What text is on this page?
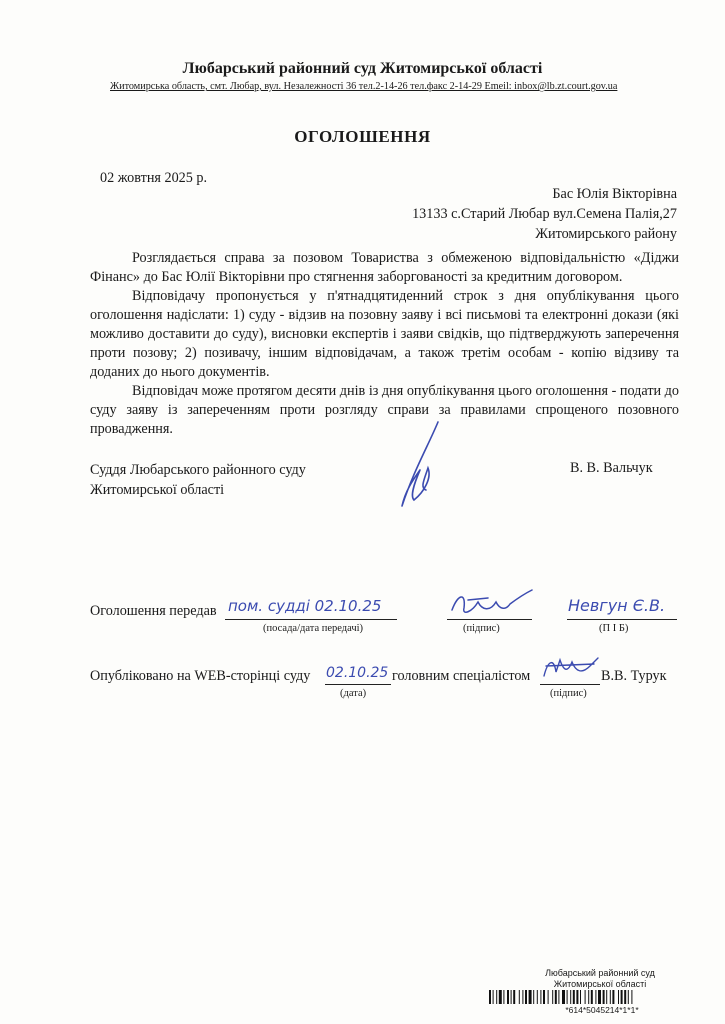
Любарський районний суд Житомирської області
Житомирська область, смт. Любар, вул. Незалежності 36 тел.2-14-26 тел.факс 2-14-29 Emeil: inbox@lb.zt.court.gov.ua
ОГОЛОШЕННЯ
02 жовтня 2025 р.
Бас Юлія Вікторівна
13133 с.Старий Любар вул.Семена Палія,27
Житомирського району

Розглядається справа за позовом Товариства з обмеженою відповідальністю «Діджи Фінанс» до Бас Юлії Вікторівни про стягнення заборгованості за кредитним договором.

Відповідачу пропонується у п'ятнадцятиденний строк з дня опублікування цього оголошення надіслати: 1) суду - відзив на позовну заяву і всі письмові та електронні докази (які можливо доставити до суду), висновки експертів і заяви свідків, що підтверджують заперечення проти позову; 2) позивачу, іншим відповідачам, а також третім особам - копію відзиву та доданих до нього документів.

Відповідач може протягом десяти днів із дня опублікування цього оголошення - подати до суду заяву із запереченням проти розгляду справи за правилами спрощеного позовного провадження.

Суддя Любарського районного суду
Житомирської області
В. В. Вальчук
Оголошення передав пом. судді 02.10.25
(посада/дата передачі)	(підпис)
Невгун Є.В.
(П І Б)
Опубліковано на WEB-сторінці суду 02.10.25 головним спеціалістом
(дата)
В.В. Турук
(підпис)
Любарський районний суд
Житомирської області
*614*5045214*1*1*
